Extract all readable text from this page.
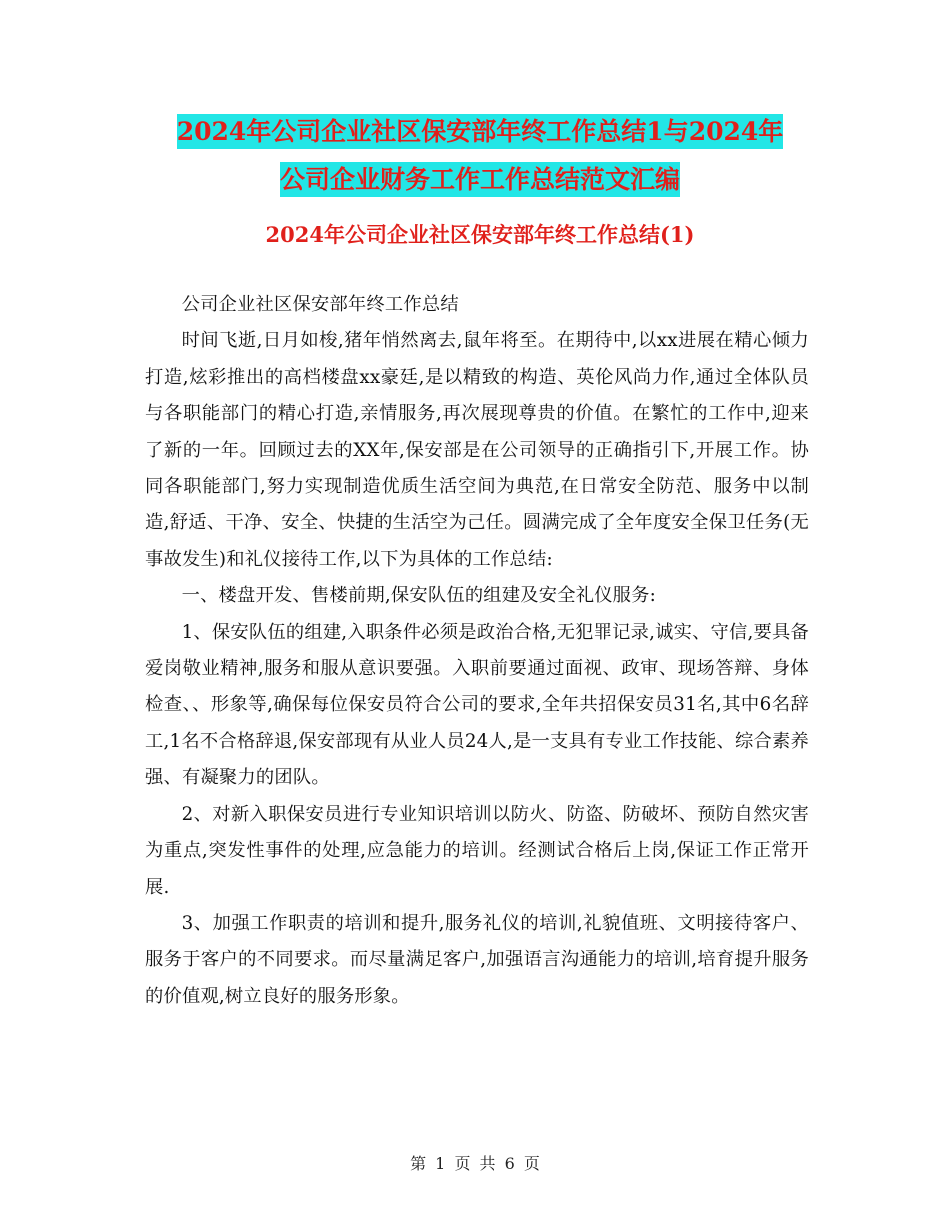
2024年公司企业社区保安部年终工作总结1与2024年
公司企业财务工作工作总结范文汇编
2024年公司企业社区保安部年终工作总结(1)

公司企业社区保安部年终工作总结

时间飞逝,日月如梭,猪年悄然离去,鼠年将至。在期待中,以xx进展在精心倾力打造,炫彩推出的高档楼盘xx豪廷,是以精致的构造、英伦风尚力作,通过全体队员与各职能部门的精心打造,亲情服务,再次展现尊贵的价值。在繁忙的工作中,迎来了新的一年。回顾过去的XX年,保安部是在公司领导的正确指引下,开展工作。协同各职能部门,努力实现制造优质生活空间为典范,在日常安全防范、服务中以制造,舒适、干净、安全、快捷的生活空为己任。圆满完成了全年度安全保卫任务(无事故发生)和礼仪接待工作,以下为具体的工作总结:

一、楼盘开发、售楼前期,保安队伍的组建及安全礼仪服务:

1、保安队伍的组建,入职条件必须是政治合格,无犯罪记录,诚实、守信,要具备爱岗敬业精神,服务和服从意识要强。入职前要通过面视、政审、现场答辩、身体检查、、形象等,确保每位保安员符合公司的要求,全年共招保安员31名,其中6名辞工,1名不合格辞退,保安部现有从业人员24人,是一支具有专业工作技能、综合素养强、有凝聚力的团队。

2、对新入职保安员进行专业知识培训以防火、防盗、防破坏、预防自然灾害为重点,突发性事件的处理,应急能力的培训。经测试合格后上岗,保证工作正常开展.

3、加强工作职责的培训和提升,服务礼仪的培训,礼貌值班、文明接待客户、服务于客户的不同要求。而尽量满足客户,加强语言沟通能力的培训,培育提升服务的价值观,树立良好的服务形象。

第 1 页 共 6 页
